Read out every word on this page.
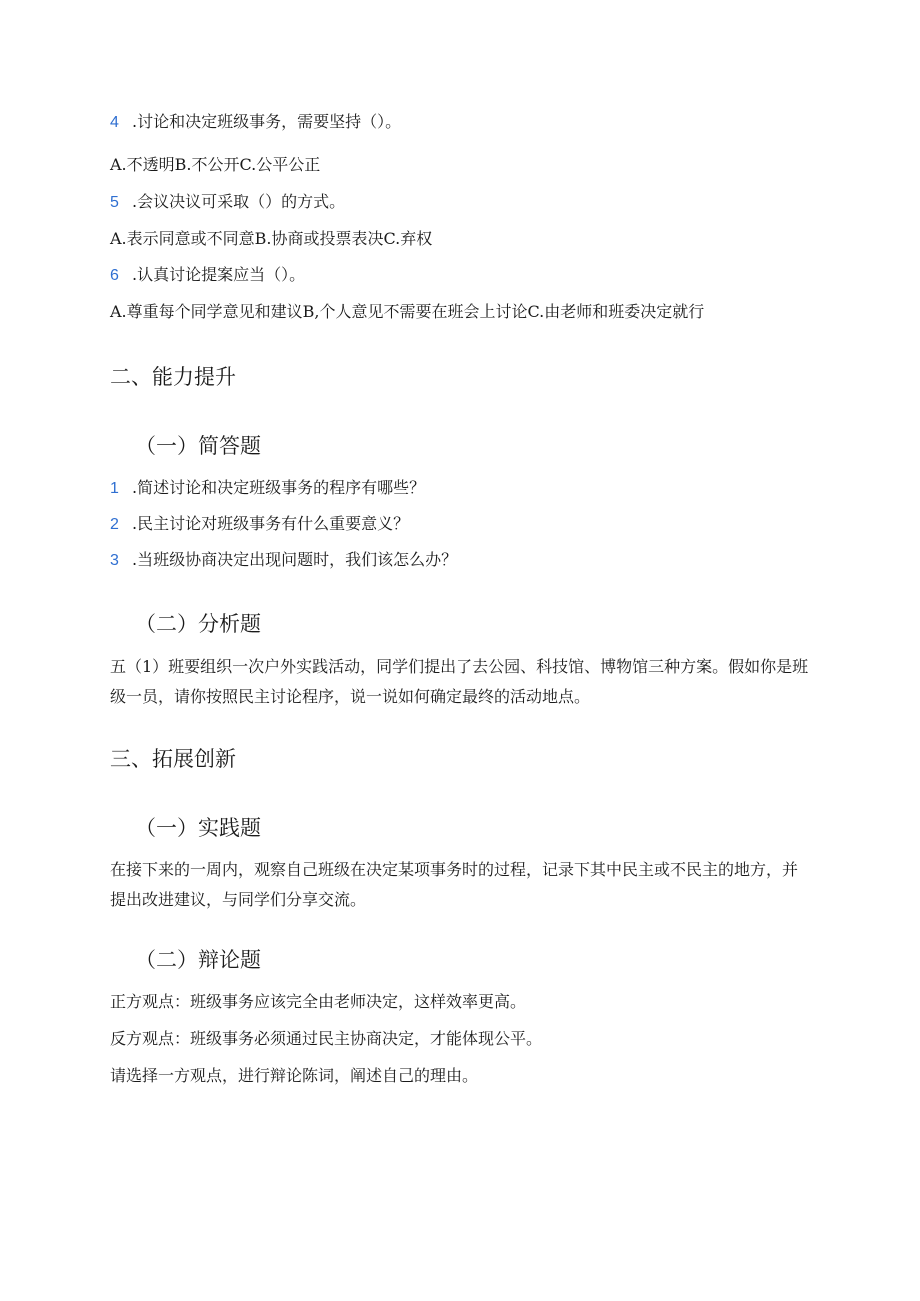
4 .讨论和决定班级事务，需要坚持（）。
A.不透明B.不公开C.公平公正
5 .会议决议可采取（）的方式。
A.表示同意或不同意B.协商或投票表决C.弃权
6 .认真讨论提案应当（）。
A.尊重每个同学意见和建议B,个人意见不需要在班会上讨论C.由老师和班委决定就行
二、能力提升
（一）简答题
1 .简述讨论和决定班级事务的程序有哪些？
2 .民主讨论对班级事务有什么重要意义？
3 .当班级协商决定出现问题时，我们该怎么办？
（二）分析题
五（1）班要组织一次户外实践活动，同学们提出了去公园、科技馆、博物馆三种方案。假如你是班级一员，请你按照民主讨论程序，说一说如何确定最终的活动地点。
三、拓展创新
（一）实践题
在接下来的一周内，观察自己班级在决定某项事务时的过程，记录下其中民主或不民主的地方，并提出改进建议，与同学们分享交流。
（二）辩论题
正方观点：班级事务应该完全由老师决定，这样效率更高。
反方观点：班级事务必须通过民主协商决定，才能体现公平。
请选择一方观点，进行辩论陈词，阐述自己的理由。
